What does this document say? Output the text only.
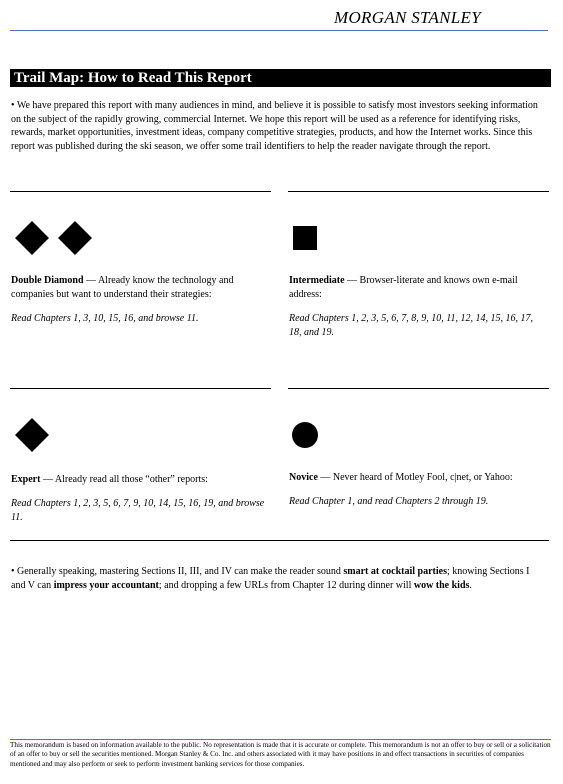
MORGAN STANLEY
Trail Map: How to Read This Report
• We have prepared this report with many audiences in mind, and believe it is possible to satisfy most investors seeking information on the subject of the rapidly growing, commercial Internet. We hope this report will be used as a reference for identifying risks, rewards, market opportunities, investment ideas, company competitive strategies, products, and how the Internet works. Since this report was published during the ski season, we offer some trail identifiers to help the reader navigate through the report.
Double Diamond — Already know the technology and companies but want to understand their strategies:
Read Chapters 1, 3, 10, 15, 16, and browse 11.
Intermediate — Browser-literate and knows own e-mail address:
Read Chapters 1, 2, 3, 5, 6, 7, 8, 9, 10, 11, 12, 14, 15, 16, 17, 18, and 19.
Expert — Already read all those “other” reports:
Read Chapters 1, 2, 3, 5, 6, 7, 9, 10, 14, 15, 16, 19, and browse 11.
Novice — Never heard of Motley Fool, c|net, or Yahoo:
Read Chapter 1, and read Chapters 2 through 19.
• Generally speaking, mastering Sections II, III, and IV can make the reader sound smart at cocktail parties; knowing Sections I and V can impress your accountant; and dropping a few URLs from Chapter 12 during dinner will wow the kids.
This memorandum is based on information available to the public. No representation is made that it is accurate or complete. This memorandum is not an offer to buy or sell or a solicitation of an offer to buy or sell the securities mentioned. Morgan Stanley & Co. Inc. and others associated with it may have positions in and effect transactions in securities of companies mentioned and may also perform or seek to perform investment banking services for those companies.
